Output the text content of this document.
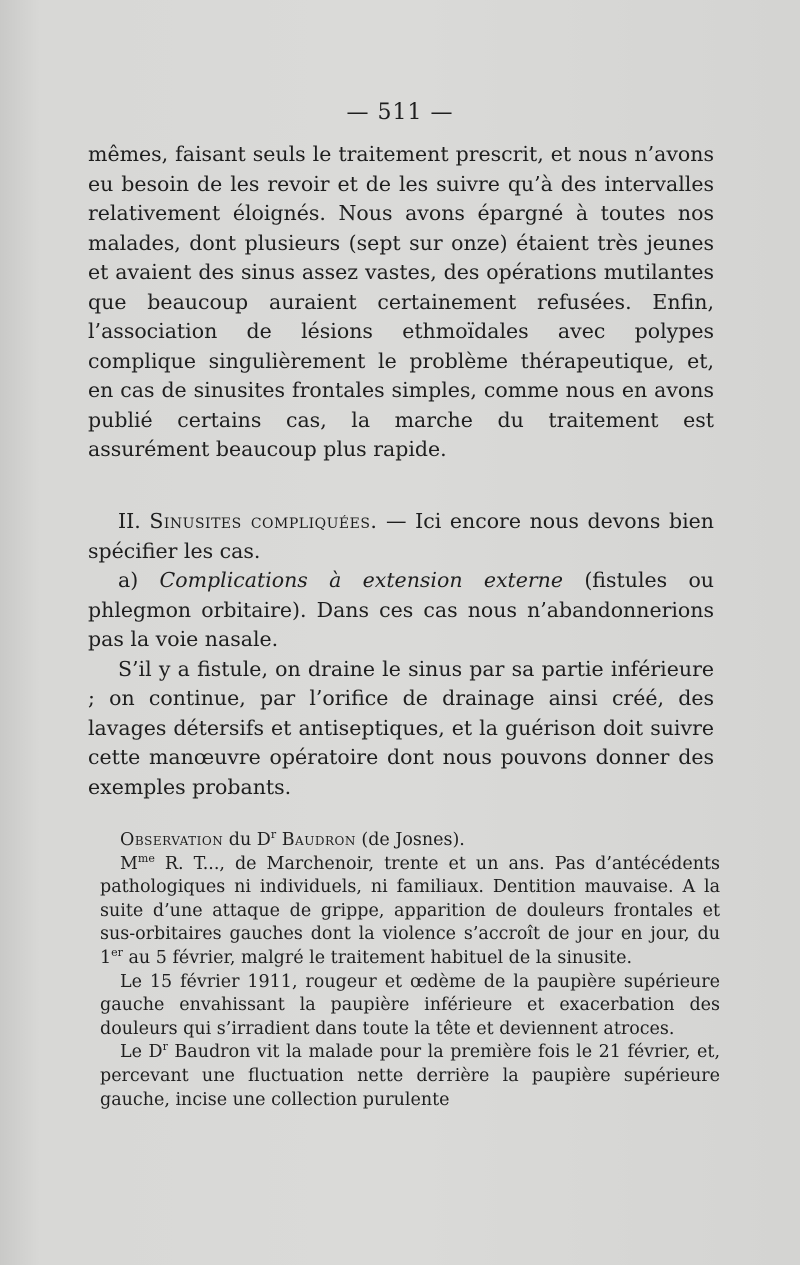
— 511 —

mêmes, faisant seuls le traitement prescrit, et nous n’avons eu besoin de les revoir et de les suivre qu’à des intervalles relativement éloignés. Nous avons épargné à toutes nos malades, dont plusieurs (sept sur onze) étaient très jeunes et avaient des sinus assez vastes, des opérations mutilantes que beaucoup auraient certainement refusées. Enfin, l’association de lésions ethmoïdales avec polypes complique singulièrement le problème thérapeutique, et, en cas de sinusites frontales simples, comme nous en avons publié certains cas, la marche du traitement est assurément beaucoup plus rapide.

II. Sinusites compliquées. — Ici encore nous devons bien spécifier les cas.

a) Complications à extension externe (fistules ou phlegmon orbitaire). Dans ces cas nous n’abandonnerions pas la voie nasale.

S’il y a fistule, on draine le sinus par sa partie inférieure ; on continue, par l’orifice de drainage ainsi créé, des lavages détersifs et antiseptiques, et la guérison doit suivre cette manœuvre opératoire dont nous pouvons donner des exemples probants.

Observation du $D^r$ Baudron (de Josnes).

$M^{me}$ R. T..., de Marchenoir, trente et un ans. Pas d’antécédents pathologiques ni individuels, ni familiaux. Dentition mauvaise. A la suite d’une attaque de grippe, apparition de douleurs frontales et sus-orbitaires gauches dont la violence s’accroît de jour en jour, du 1er au 5 février, malgré le traitement habituel de la sinusite.

Le 15 février 1911, rougeur et œdème de la paupière supérieure gauche envahissant la paupière inférieure et exacerbation des douleurs qui s’irradient dans toute la tête et deviennent atroces.

Le $D^r$ Baudron vit la malade pour la première fois le 21 février, et, percevant une fluctuation nette derrière la paupière supérieure gauche, incise une collection purulente
